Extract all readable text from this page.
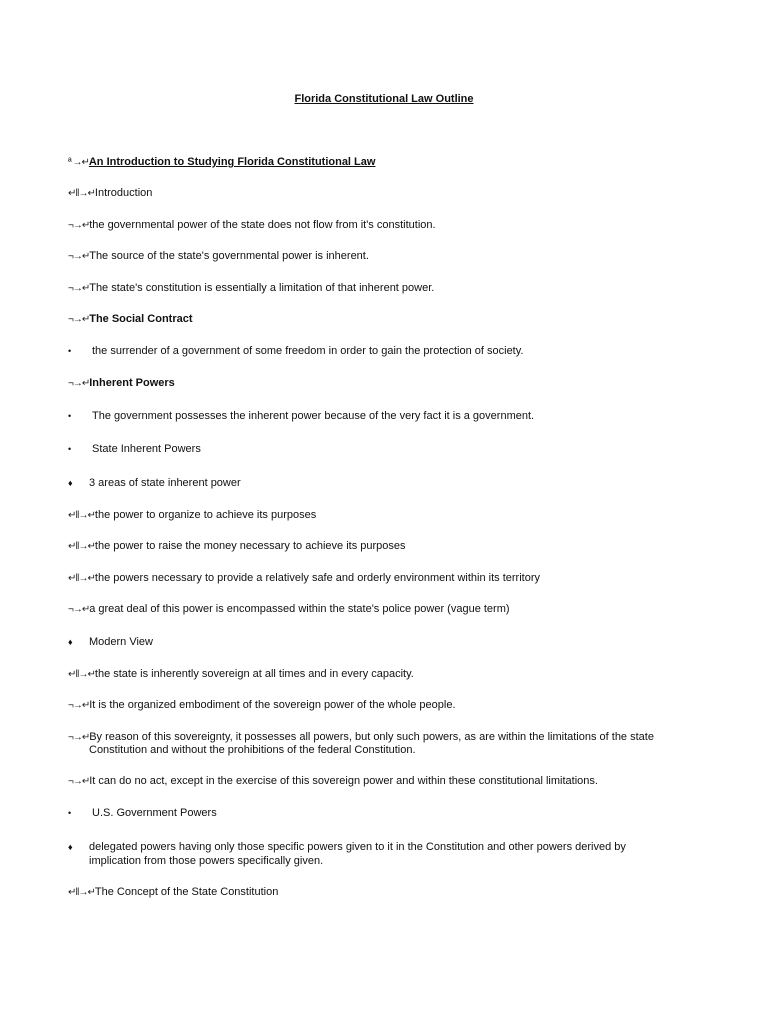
Florida Constitutional Law Outline
ª →↵An Introduction to Studying Florida Constitutional Law
↵‖→↵Introduction
¬→↵the governmental power of the state does not flow from it's constitution.
¬→↵The source of the state's governmental power is inherent.
¬→↵The state's constitution is essentially a limitation of that inherent power.
¬→↵The Social Contract
• the surrender of a government of some freedom in order to gain the protection of society.
¬→↵Inherent Powers
• The government possesses the inherent power because of the very fact it is a government.
• State Inherent Powers
♦ 3 areas of state inherent power
↵‖→↵the power to organize to achieve its purposes
↵‖→↵the power to raise the money necessary to achieve its purposes
↵‖→↵the powers necessary to provide a relatively safe and orderly environment within its territory
¬→↵a great deal of this power is encompassed within the state's police power (vague term)
♦ Modern View
↵‖→↵the state is inherently sovereign at all times and in every capacity.
¬→↵It is the organized embodiment of the sovereign power of the whole people.
¬→↵By reason of this sovereignty, it possesses all powers, but only such powers, as are within the limitations of the state
Constitution and without the prohibitions of the federal Constitution.
¬→↵It can do no act, except in the exercise of this sovereign power and within these constitutional limitations.
• U.S. Government Powers
♦ delegated powers having only those specific powers given to it in the Constitution and other powers derived by
implication from those powers specifically given.
↵‖→↵The Concept of the State Constitution
